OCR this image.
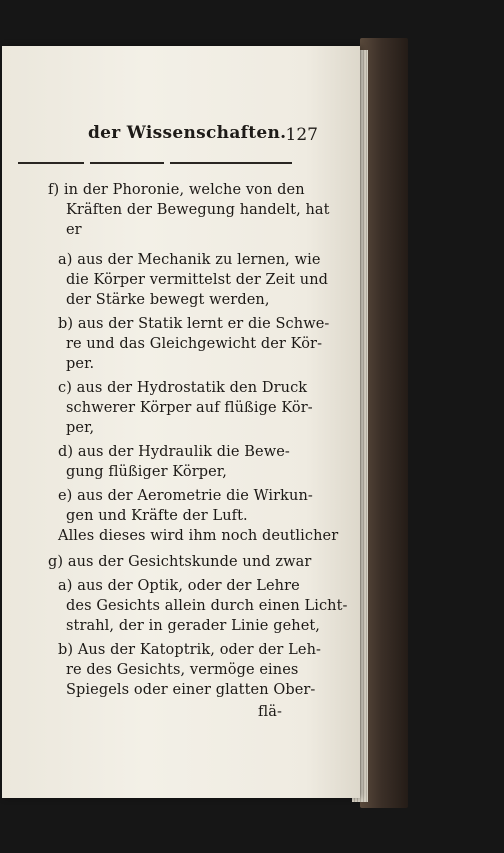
der Wissenschaften. 127
f) in der Phoronie, welche von den
Kräften der Bewegung handelt, hat
er
a) aus der Mechanik zu lernen, wie
die Körper vermittelst der Zeit und
der Stärke bewegt werden,
b) aus der Statik lernt er die Schwe-
re und das Gleichgewicht der Kör-
per.
c) aus der Hydrostatik den Druck
schwerer Körper auf flüßige Kör-
per,
d) aus der Hydraulik die Bewe-
gung flüßiger Körper,
e) aus der Aerometrie die Wirkun-
gen und Kräfte der Luft.
Alles dieses wird ihm noch deutlicher
g) aus der Gesichtskunde und zwar
a) aus der Optik, oder der Lehre
des Gesichts allein durch einen Licht-
strahl, der in gerader Linie gehet,
b) Aus der Katoptrik, oder der Leh-
re des Gesichts, vermöge eines
Spiegels oder einer glatten Ober-
flä-
